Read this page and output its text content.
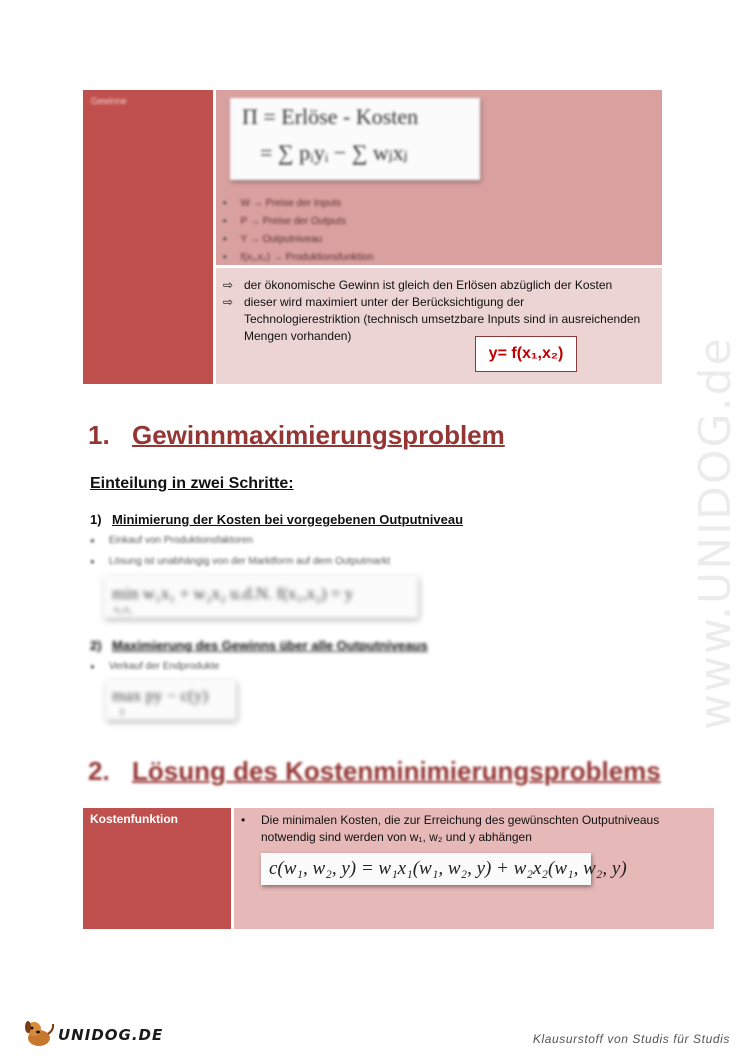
www.UNIDOG.de
Gewinne
Π = Erlöse - Kosten
= ∑ pᵢyᵢ − ∑ wⱼxⱼ
▪ W → Preise der Inputs
▪ P → Preise der Outputs
▪ Y → Outputniveau
▪ f(x₁,x₂) → Produktionsfunktion
⇨ der ökonomische Gewinn ist gleich den Erlösen abzüglich der Kosten
⇨ dieser wird maximiert unter der Berücksichtigung der Technologierestriktion (technisch umsetzbare Inputs sind in ausreichenden Mengen vorhanden)
y= f(x₁,x₂)
1. Gewinnmaximierungsproblem
Einteilung in zwei Schritte:
1) Minimierung der Kosten bei vorgegebenen Outputniveau
● Einkauf von Produktionsfaktoren
● Lösung ist unabhängig von der Marktform auf dem Outputmarkt
min w₁x₁ + w₂x₂ u.d.N. f(x₁,x₂) = y
x₁,x₂
2) Maximierung des Gewinns über alle Outputniveaus
● Verkauf der Endprodukte
max py − c(y)
y
2. Lösung des Kostenminimierungsproblems
Kostenfunktion	• Die minimalen Kosten, die zur Erreichung des gewünschten Outputniveaus notwendig sind werden von w₁, w₂ und y abhängen
c(w₁, w₂, y) = w₁x₁(w₁, w₂, y) + w₂x₂(w₁, w₂, y)
UNIDOG.DE	Klausurstoff von Studis für Studis
